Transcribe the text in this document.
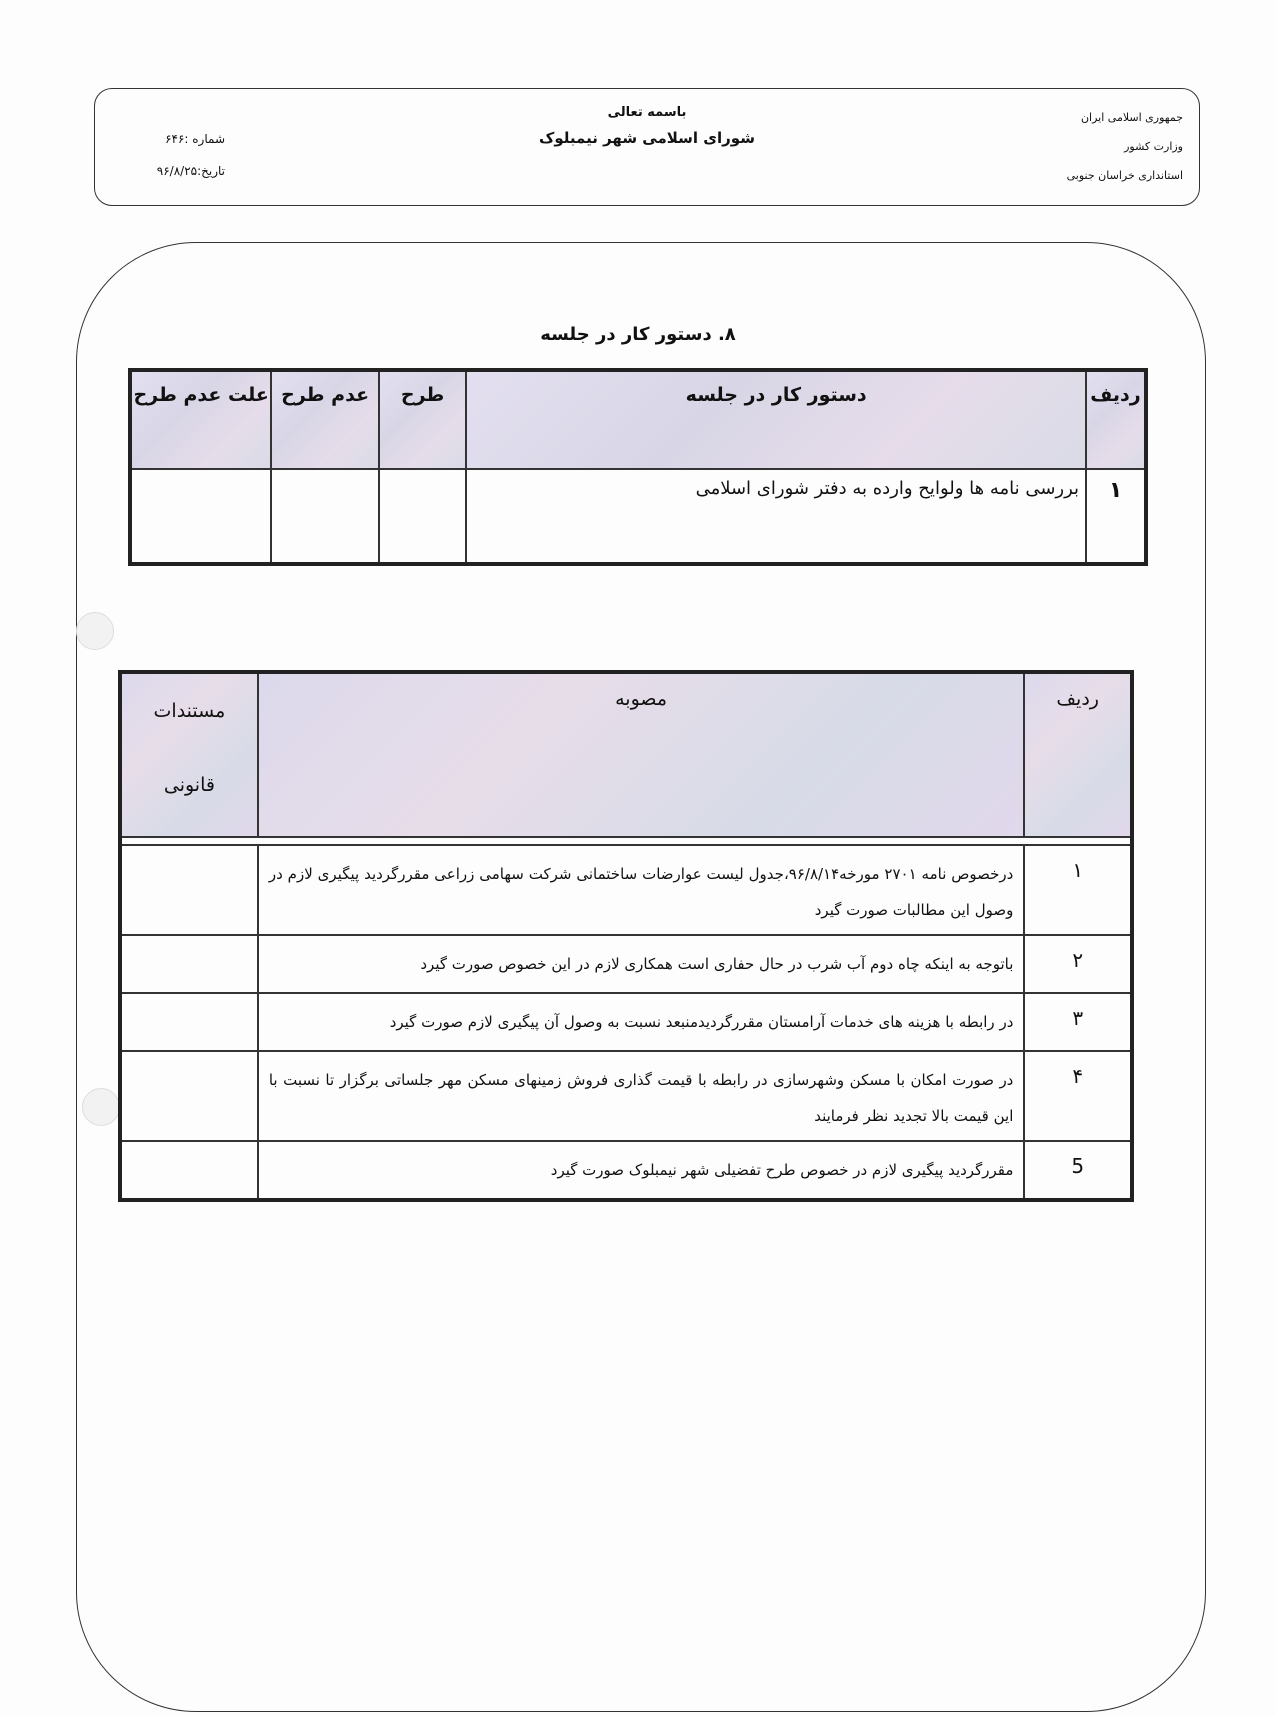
جمهوری اسلامی ایران
وزارت کشور
استانداری خراسان جنوبی
باسمه تعالی
شورای اسلامی شهر نیمبلوک
شماره :۶۴۶
تاریخ:۹۶/۸/۲۵
۸. دستور کار در جلسه
ردیف	دستور کار در جلسه	طرح	عدم طرح	علت عدم طرح
۱	بررسی نامه ها ولوایح وارده به دفتر شورای اسلامی			
ردیف	مصوبه	مستندات
قانونی

۱	درخصوص نامه ۲۷۰۱ مورخه۹۶/۸/۱۴،جدول لیست عوارضات ساختمانی شرکت سهامی زراعی مقررگردید پیگیری لازم در وصول این مطالبات صورت گیرد	
۲	باتوجه به اینکه چاه دوم آب شرب در حال حفاری است همکاری لازم در این خصوص صورت گیرد	
۳	در رابطه با هزینه های خدمات آرامستان مقررگردیدمنبعد نسبت به وصول آن پیگیری لازم صورت گیرد	
۴	در صورت امکان با مسکن وشهرسازی در رابطه با قیمت گذاری فروش زمینهای مسکن مهر جلساتی برگزار تا نسبت با این قیمت بالا تجدید نظر فرمایند	
5	مقررگردید پیگیری لازم در خصوص طرح تفضیلی شهر نیمبلوک صورت گیرد	
